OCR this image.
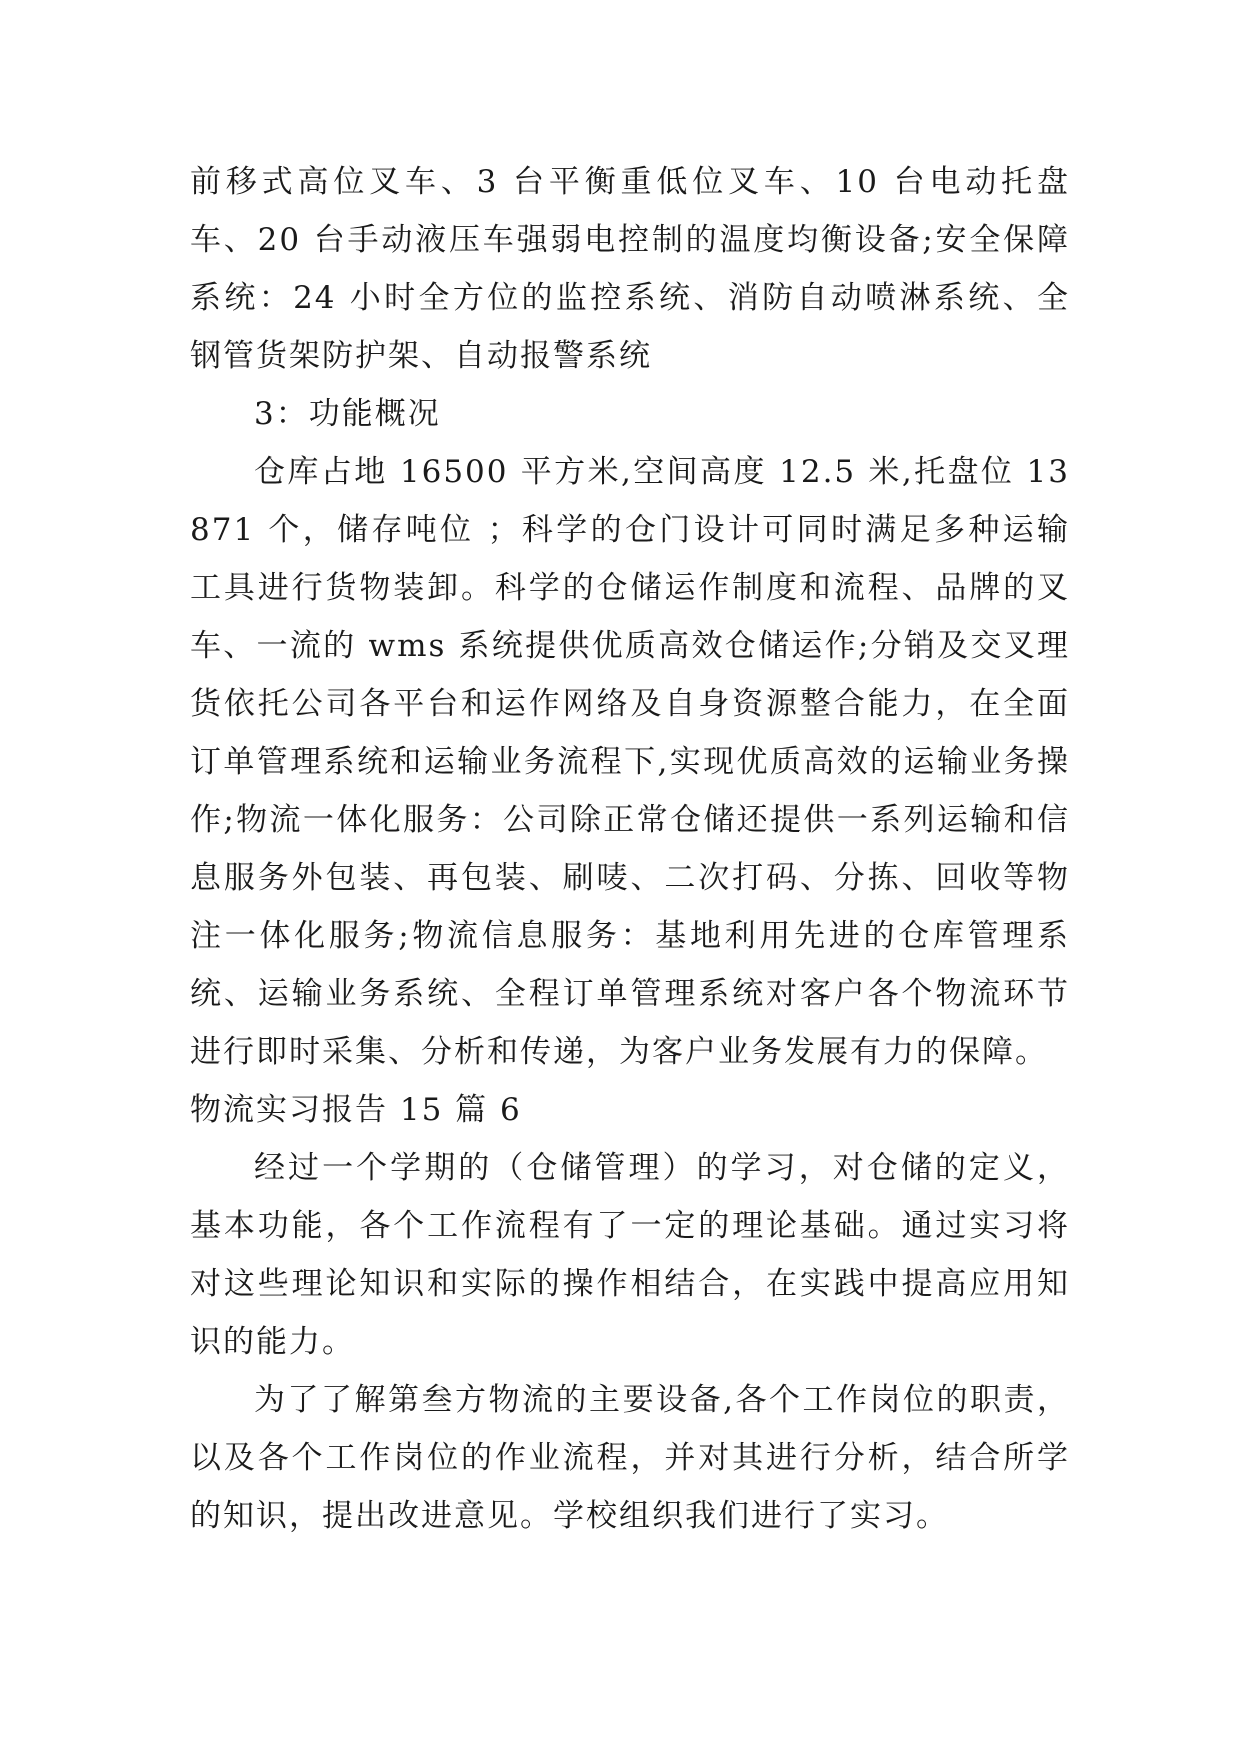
前移式高位叉车、3 台平衡重低位叉车、10 台电动托盘车、20 台手动液压车强弱电控制的温度均衡设备;安全保障系统：24 小时全方位的监控系统、消防自动喷淋系统、全钢管货架防护架、自动报警系统

3：功能概况

仓库占地 16500 平方米,空间高度 12.5 米,托盘位 13871 个，储存吨位 ；科学的仓门设计可同时满足多种运输工具进行货物装卸。科学的仓储运作制度和流程、品牌的叉车、一流的 wms 系统提供优质高效仓储运作;分销及交叉理货依托公司各平台和运作网络及自身资源整合能力，在全面订单管理系统和运输业务流程下,实现优质高效的运输业务操作;物流一体化服务：公司除正常仓储还提供一系列运输和信息服务外包装、再包装、刷唛、二次打码、分拣、回收等物注一体化服务;物流信息服务：基地利用先进的仓库管理系统、运输业务系统、全程订单管理系统对客户各个物流环节进行即时采集、分析和传递，为客户业务发展有力的保障。

物流实习报告 15 篇 6

经过一个学期的（仓储管理）的学习，对仓储的定义，基本功能，各个工作流程有了一定的理论基础。通过实习将对这些理论知识和实际的操作相结合，在实践中提高应用知识的能力。

为了了解第叁方物流的主要设备,各个工作岗位的职责，以及各个工作岗位的作业流程，并对其进行分析，结合所学的知识，提出改进意见。学校组织我们进行了实习。
